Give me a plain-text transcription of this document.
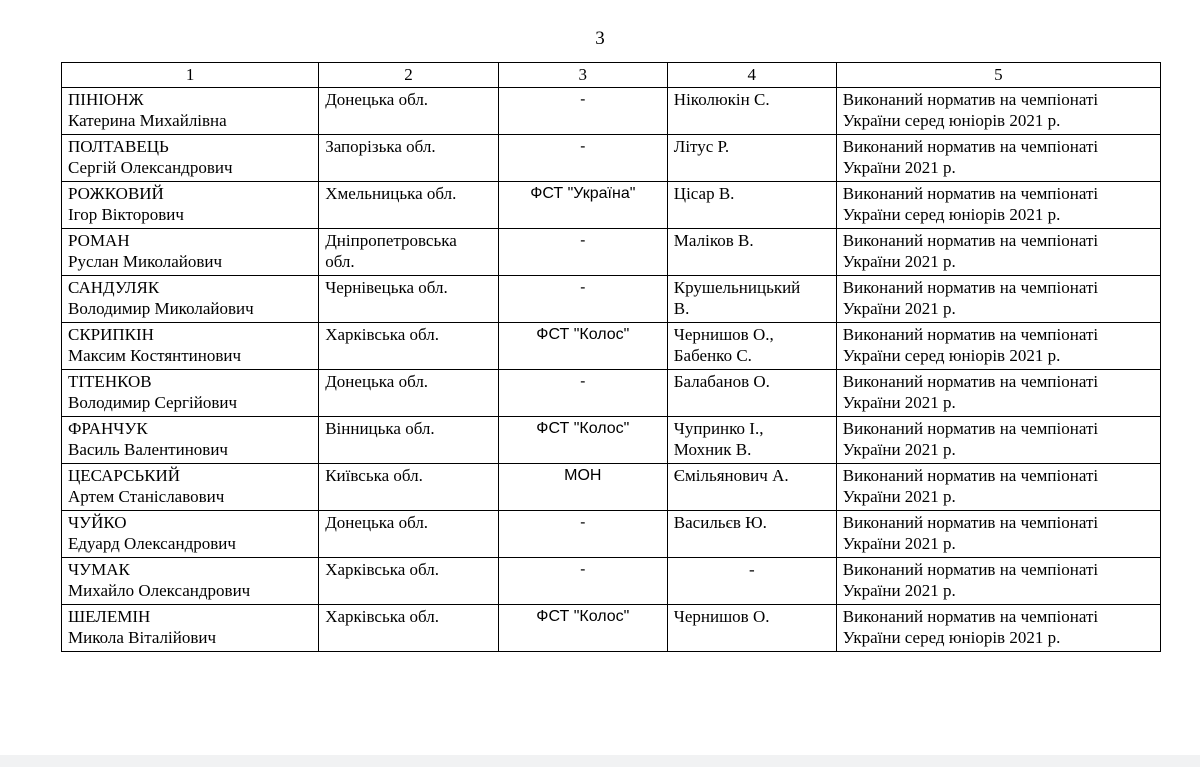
3
1	2	3	4	5

ПІНІОНЖ
Катерина Михайлівна	Донецька обл.	-	Ніколюкін С.	Виконаний норматив на чемпіонаті
України серед юніорів 2021 р.

ПОЛТАВЕЦЬ
Сергій Олександрович	Запорізька обл.	-	Літус Р.	Виконаний норматив на чемпіонаті
України 2021 р.

РОЖКОВИЙ
Ігор Вікторович	Хмельницька обл.	ФСТ "Україна"	Цісар В.	Виконаний норматив на чемпіонаті
України серед юніорів 2021 р.

РОМАН
Руслан Миколайович	Дніпропетровська
обл.	-	Маліков В.	Виконаний норматив на чемпіонаті
України 2021 р.

САНДУЛЯК
Володимир Миколайович	Чернівецька обл.	-	Крушельницький
В.	Виконаний норматив на чемпіонаті
України 2021 р.

СКРИПКІН
Максим Костянтинович	Харківська обл.	ФСТ "Колос"	Чернишов О.,
Бабенко С.	Виконаний норматив на чемпіонаті
України серед юніорів 2021 р.

ТІТЕНКОВ
Володимир Сергійович	Донецька обл.	-	Балабанов О.	Виконаний норматив на чемпіонаті
України 2021 р.

ФРАНЧУК
Василь Валентинович	Вінницька обл.	ФСТ "Колос"	Чупринко І.,
Мохник В.	Виконаний норматив на чемпіонаті
України 2021 р.

ЦЕСАРСЬКИЙ
Артем Станіславович	Київська обл.	МОН	Ємільянович А.	Виконаний норматив на чемпіонаті
України 2021 р.

ЧУЙКО
Едуард Олександрович	Донецька обл.	-	Васильєв Ю.	Виконаний норматив на чемпіонаті
України 2021 р.

ЧУМАК
Михайло Олександрович	Харківська обл.	-	-	Виконаний норматив на чемпіонаті
України 2021 р.

ШЕЛЕМІН
Микола Віталійович	Харківська обл.	ФСТ "Колос"	Чернишов О.	Виконаний норматив на чемпіонаті
України серед юніорів 2021 р.
